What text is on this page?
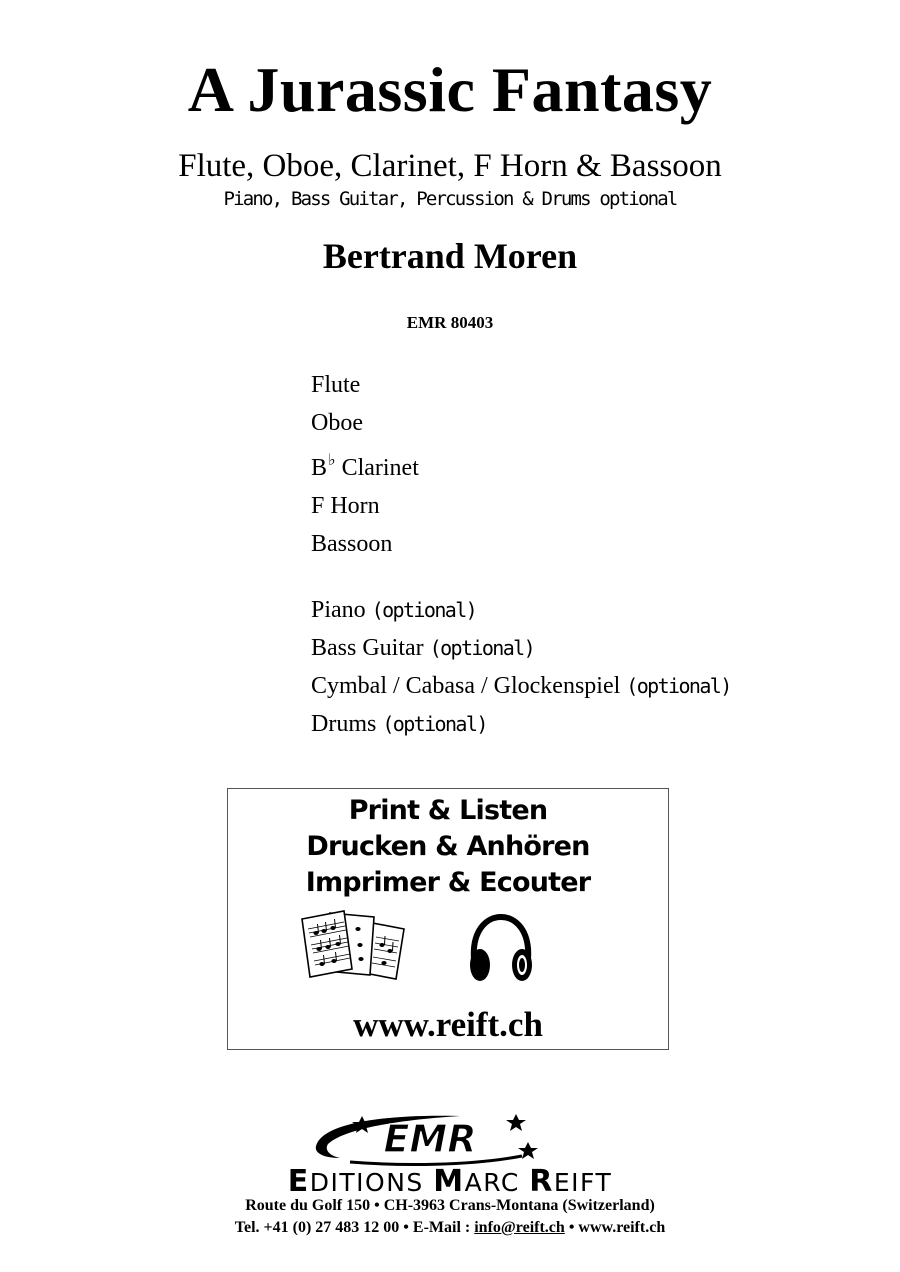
A Jurassic Fantasy
Flute, Oboe, Clarinet, F Horn & Bassoon
Piano, Bass Guitar, Percussion & Drums optional
Bertrand Moren
EMR 80403
Flute
Oboe
B♭ Clarinet
F Horn
Bassoon
Piano (optional)
Bass Guitar (optional)
Cymbal / Cabasa / Glockenspiel (optional)
Drums (optional)
Print & Listen
Drucken & Anhören
Imprimer & Ecouter
www.reift.ch
EMR
EDITIONS MARC REIFT
Route du Golf 150 • CH-3963 Crans-Montana (Switzerland)
Tel. +41 (0) 27 483 12 00 • E-Mail : info@reift.ch • www.reift.ch
